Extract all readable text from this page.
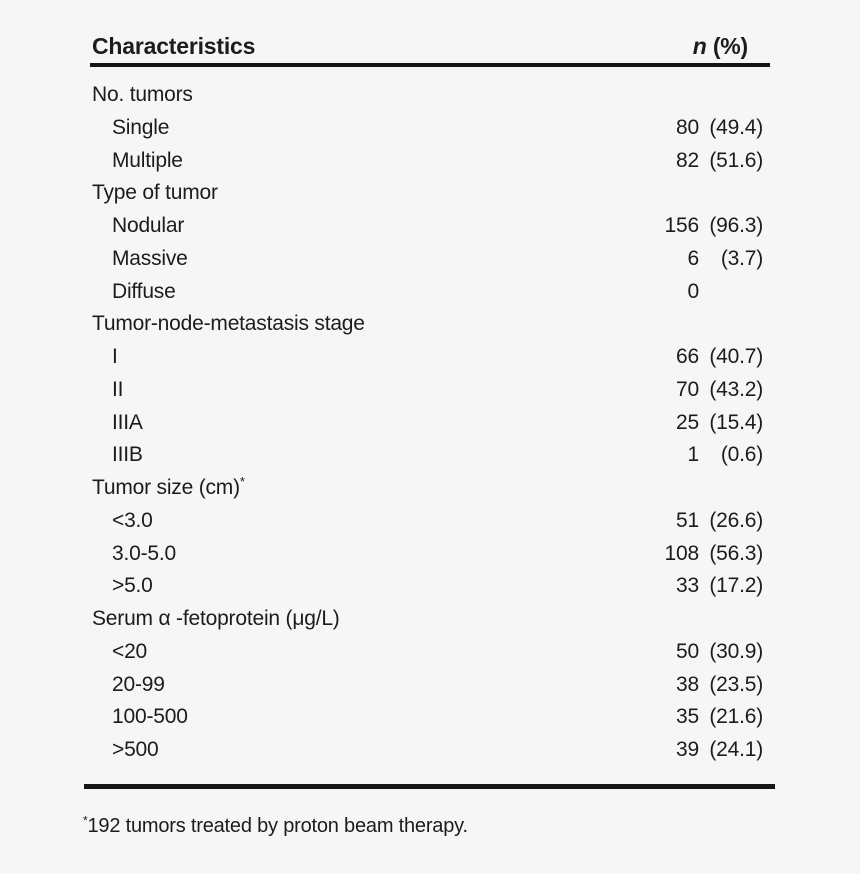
Characteristics	n (%)
No. tumors
Single	80 (49.4)
Multiple	82 (51.6)
Type of tumor
Nodular	156 (96.3)
Massive	6	(3.7)
Diffuse	0
Tumor-node-metastasis stage
I	66 (40.7)
II	70 (43.2)
IIIA	25 (15.4)
IIIB	1	(0.6)
Tumor size (cm)*
<3.0	51 (26.6)
3.0-5.0	108 (56.3)
>5.0	33 (17.2)
Serum α -fetoprotein (μg/L)
<20	50 (30.9)
20-99	38 (23.5)
100-500	35 (21.6)
>500	39 (24.1)
*192 tumors treated by proton beam therapy.
